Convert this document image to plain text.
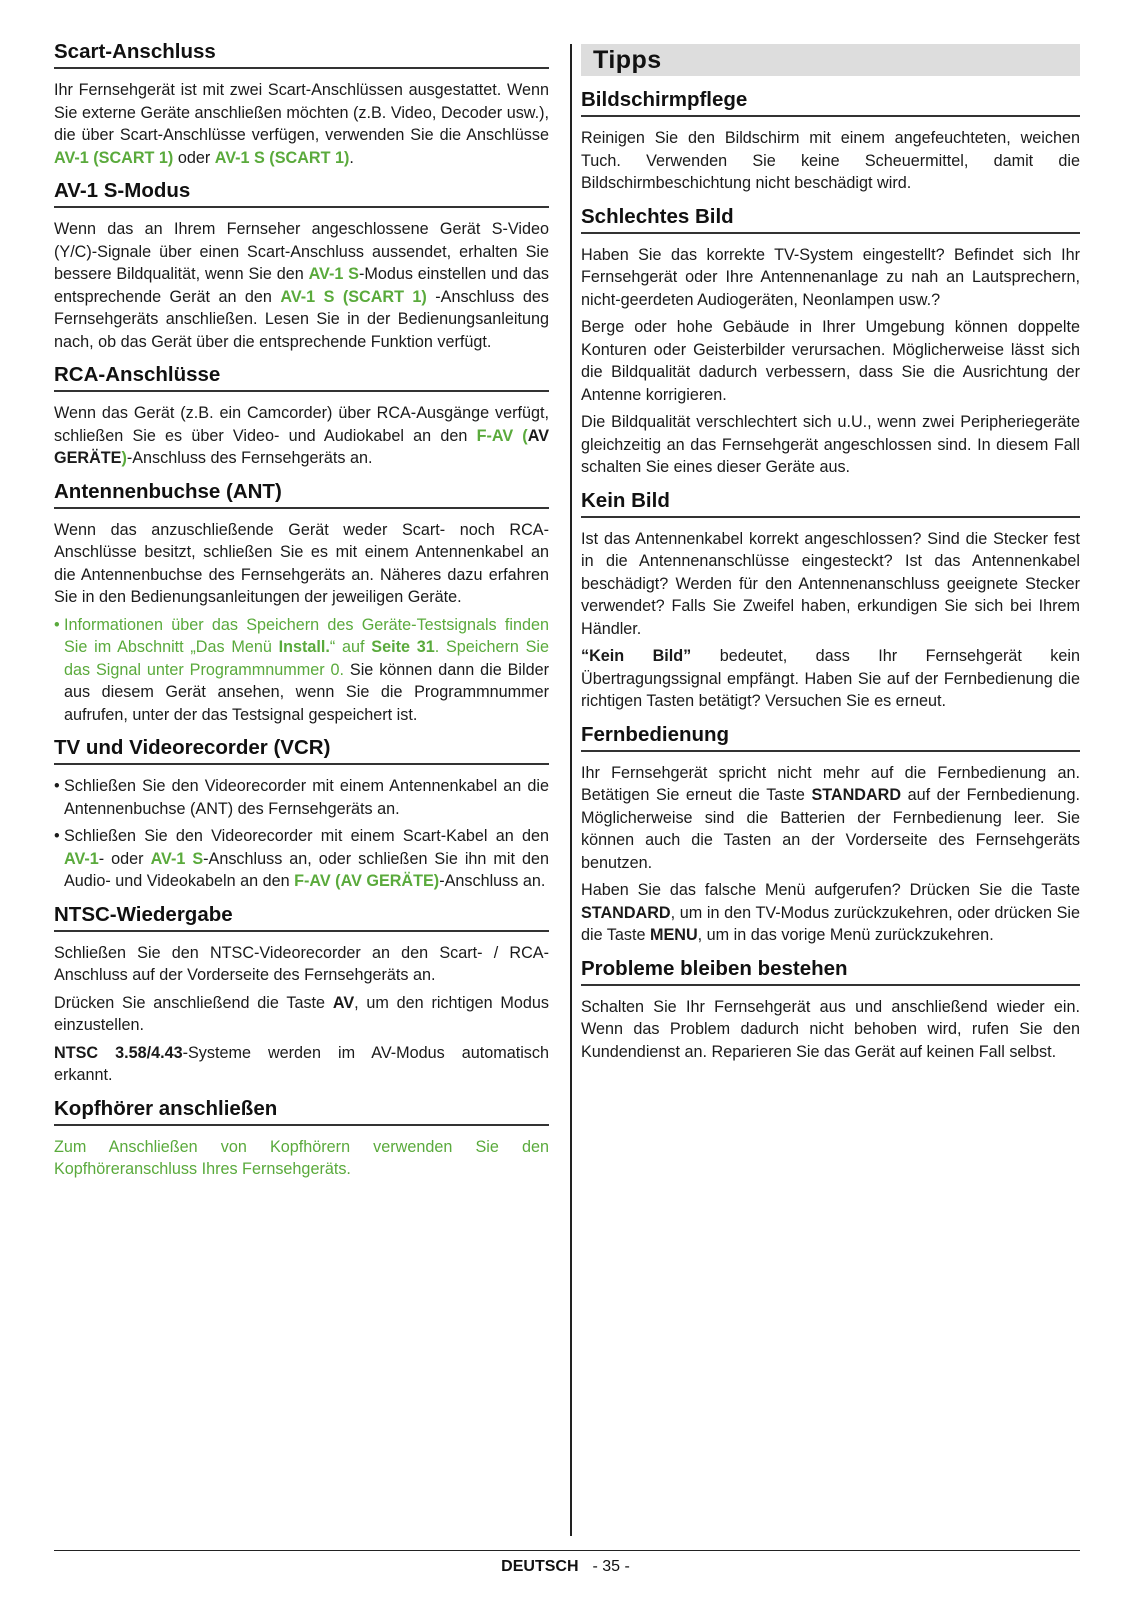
Scart-Anschluss

Ihr Fernsehgerät ist mit zwei Scart-Anschlüssen ausgestattet. Wenn Sie externe Geräte anschließen möchten (z.B. Video, Decoder usw.), die über Scart-Anschlüsse verfügen, verwenden Sie die Anschlüsse AV-1 (SCART 1) oder AV-1 S (SCART 1).

AV-1 S-Modus

Wenn das an Ihrem Fernseher angeschlossene Gerät S-Video (Y/C)-Signale über einen Scart-Anschluss aussendet, erhalten Sie bessere Bildqualität, wenn Sie den AV-1 S-Modus einstellen und das entsprechende Gerät an den AV-1 S (SCART 1) -Anschluss des Fernsehgeräts anschließen. Lesen Sie in der Bedienungsanleitung nach, ob das Gerät über die entsprechende Funktion verfügt.

RCA-Anschlüsse

Wenn das Gerät (z.B. ein Camcorder) über RCA-Ausgänge verfügt, schließen Sie es über Video- und Audiokabel an den F-AV (AV GERÄTE)-Anschluss des Fernsehgeräts an.

Antennenbuchse (ANT)

Wenn das anzuschließende Gerät weder Scart- noch RCA-Anschlüsse besitzt, schließen Sie es mit einem Antennenkabel an die Antennenbuchse des Fernsehgeräts an. Näheres dazu erfahren Sie in den Bedienungsanleitungen der jeweiligen Geräte.

• Informationen über das Speichern des Geräte-Testsignals finden Sie im Abschnitt „Das Menü Install.“ auf Seite 31. Speichern Sie das Signal unter Programmnummer 0. Sie können dann die Bilder aus diesem Gerät ansehen, wenn Sie die Programmnummer aufrufen, unter der das Testsignal gespeichert ist.
TV und Videorecorder (VCR)
• Schließen Sie den Videorecorder mit einem Antennenkabel an die Antennenbuchse (ANT) des Fernsehgeräts an.
• Schließen Sie den Videorecorder mit einem Scart-Kabel an den AV-1- oder AV-1 S-Anschluss an, oder schließen Sie ihn mit den Audio- und Videokabeln an den F-AV (AV GERÄTE)-Anschluss an.
NTSC-Wiedergabe

Schließen Sie den NTSC-Videorecorder an den Scart- / RCA-Anschluss auf der Vorderseite des Fernsehgeräts an.

Drücken Sie anschließend die Taste AV, um den richtigen Modus einzustellen.

NTSC 3.58/4.43-Systeme werden im AV-Modus automatisch erkannt.

Kopfhörer anschließen

Zum Anschließen von Kopfhörern verwenden Sie den Kopfhöreranschluss Ihres Fernsehgeräts.

Tipps
Bildschirmpflege

Reinigen Sie den Bildschirm mit einem angefeuchteten, weichen Tuch. Verwenden Sie keine Scheuermittel, damit die Bildschirmbeschichtung nicht beschädigt wird.

Schlechtes Bild

Haben Sie das korrekte TV-System eingestellt? Befindet sich Ihr Fernsehgerät oder Ihre Antennenanlage zu nah an Lautsprechern, nicht-geerdeten Audiogeräten, Neonlampen usw.?

Berge oder hohe Gebäude in Ihrer Umgebung können doppelte Konturen oder Geisterbilder verursachen. Möglicherweise lässt sich die Bildqualität dadurch verbessern, dass Sie die Ausrichtung der Antenne korrigieren.

Die Bildqualität verschlechtert sich u.U., wenn zwei Peripheriegeräte gleichzeitig an das Fernsehgerät angeschlossen sind. In diesem Fall schalten Sie eines dieser Geräte aus.

Kein Bild

Ist das Antennenkabel korrekt angeschlossen? Sind die Stecker fest in die Antennenanschlüsse eingesteckt? Ist das Antennenkabel beschädigt? Werden für den Antennenanschluss geeignete Stecker verwendet? Falls Sie Zweifel haben, erkundigen Sie sich bei Ihrem Händler.

“Kein Bild” bedeutet, dass Ihr Fernsehgerät kein Übertragungssignal empfängt. Haben Sie auf der Fernbedienung die richtigen Tasten betätigt? Versuchen Sie es erneut.

Fernbedienung

Ihr Fernsehgerät spricht nicht mehr auf die Fernbedienung an. Betätigen Sie erneut die Taste STANDARD auf der Fernbedienung. Möglicherweise sind die Batterien der Fernbedienung leer. Sie können auch die Tasten an der Vorderseite des Fernsehgeräts benutzen.

Haben Sie das falsche Menü aufgerufen? Drücken Sie die Taste STANDARD, um in den TV-Modus zurückzukehren, oder drücken Sie die Taste MENU, um in das vorige Menü zurückzukehren.

Probleme bleiben bestehen

Schalten Sie Ihr Fernsehgerät aus und anschließend wieder ein. Wenn das Problem dadurch nicht behoben wird, rufen Sie den Kundendienst an. Reparieren Sie das Gerät auf keinen Fall selbst.

DEUTSCH - 35 -
